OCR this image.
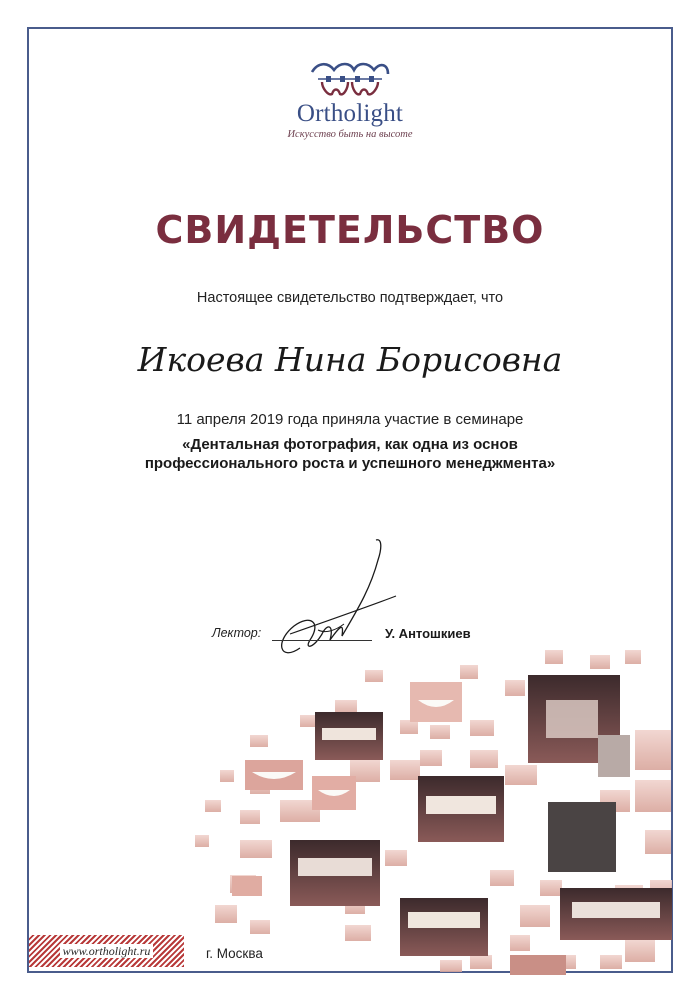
Ortholight
Искусство быть на высоте
СВИДЕТЕЛЬСТВО
Настоящее свидетельство подтверждает, что
Икоева Нина Борисовна
11 апреля 2019 года приняла участие в семинаре
«Дентальная фотография, как одна из основ
профессионального роста и успешного менеджмента»
Лектор:	У. Антошкиев
www.ortholight.ru	г. Москва
